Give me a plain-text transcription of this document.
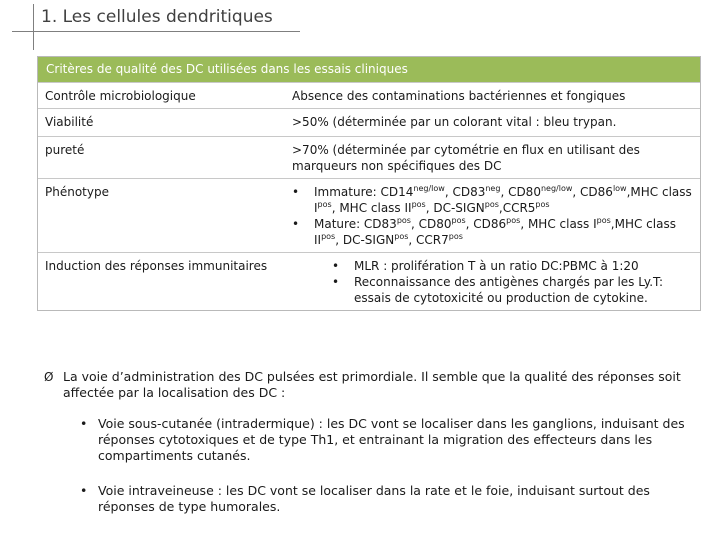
1. Les cellules dendritiques
Critères de qualité des DC utilisées dans les essais cliniques
Contrôle microbiologique	Absence des contaminations bactériennes et fongiques
Viabilité	>50% (déterminée par un colorant vital : bleu trypan.
pureté	>70% (déterminée par cytométrie en flux en utilisant des marqueurs non spécifiques des DC
Phénotype	•	Immature: $CD14^{neg/low}$, $CD83^{neg}$, $CD80^{neg/low}$, $CD86^{low},MHC$ class $I^{pos}$, MHC class $II^{pos}$, $DC-SIGN^{pos},CCR5^{pos}$
•	Mature: $CD83^{pos}$, $CD80^{pos}$, $CD86^{pos}$, MHC class $I^{pos},MHC$ class $II^{pos}$, $DC-SIGN^{pos}$, $CCR7^{pos}$
Induction des réponses immunitaires	•	MLR : prolifération T à un ratio DC:PBMC à 1:20
•	Reconnaissance des antigènes chargés par les Ly.T: essais de cytotoxicité ou production de cytokine.
Ø La voie d’administration des DC pulsées est primordiale. Il semble que la qualité des réponses soit affectée par la localisation des DC :
• Voie sous-cutanée (intradermique) : les DC vont se localiser dans les ganglions, induisant des réponses cytotoxiques et de type Th1, et entrainant la migration des effecteurs dans les compartiments cutanés.
• Voie intraveineuse : les DC vont se localiser dans la rate et le foie, induisant surtout des réponses de type humorales.
